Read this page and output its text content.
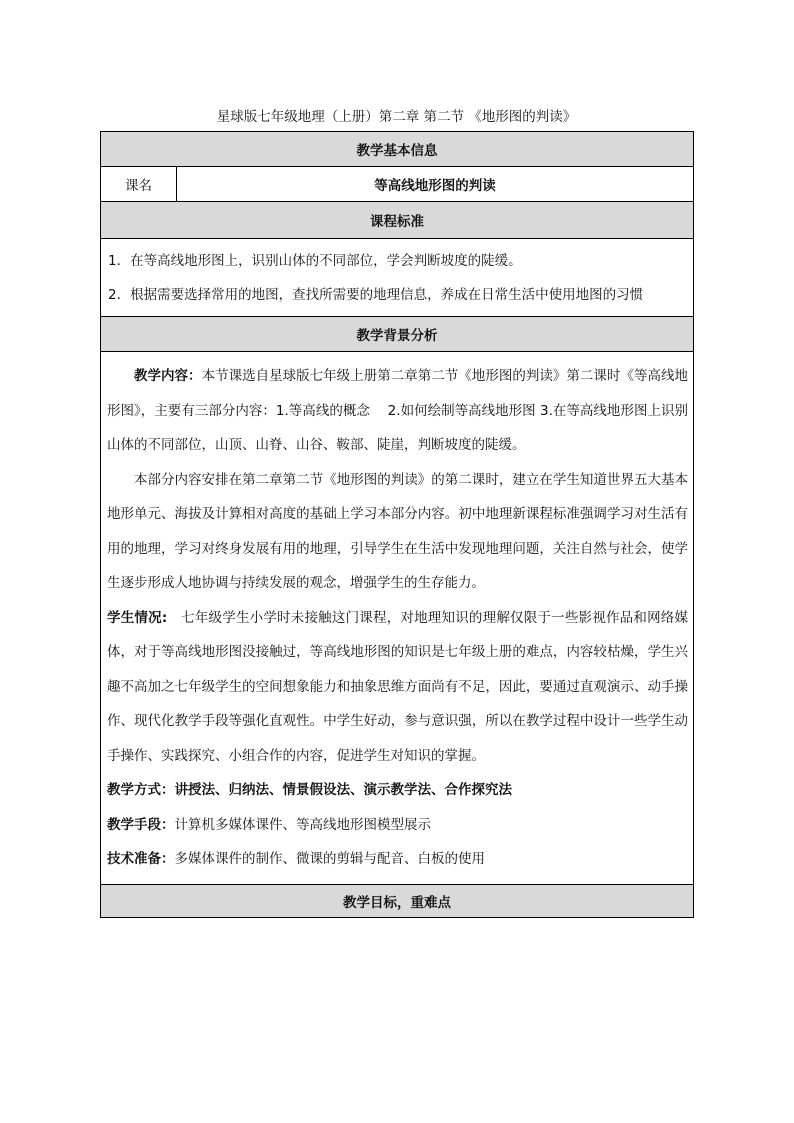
星球版七年级地理（上册）第二章 第二节 《地形图的判读》
教学基本信息
课名	等高线地形图的判读
课程标准

1．在等高线地形图上，识别山体的不同部位，学会判断坡度的陡缓。

2．根据需要选择常用的地图，查找所需要的地理信息，养成在日常生活中使用地图的习惯

教学背景分析

教学内容：本节课选自星球版七年级上册第二章第二节《地形图的判读》第二课时《等高线地形图》，主要有三部分内容：1.等高线的概念　 2.如何绘制等高线地形图 3.在等高线地形图上识别山体的不同部位，山顶、山脊、山谷、鞍部、陡崖，判断坡度的陡缓。

本部分内容安排在第二章第二节《地形图的判读》的第二课时，建立在学生知道世界五大基本地形单元、海拔及计算相对高度的基础上学习本部分内容。初中地理新课程标准强调学习对生活有用的地理，学习对终身发展有用的地理，引导学生在生活中发现地理问题，关注自然与社会，使学生逐步形成人地协调与持续发展的观念，增强学生的生存能力。

学生情况:　七年级学生小学时未接触这门课程，对地理知识的理解仅限于一些影视作品和网络媒体，对于等高线地形图没接触过，等高线地形图的知识是七年级上册的难点，内容较枯燥，学生兴趣不高加之七年级学生的空间想象能力和抽象思维方面尚有不足，因此，要通过直观演示、动手操作、现代化教学手段等强化直观性。中学生好动，参与意识强，所以在教学过程中设计一些学生动手操作、实践探究、小组合作的内容，促进学生对知识的掌握。

教学方式：讲授法、归纳法、情景假设法、演示教学法、合作探究法

教学手段：计算机多媒体课件、等高线地形图模型展示

技术准备：多媒体课件的制作、微课的剪辑与配音、白板的使用

教学目标，重难点
